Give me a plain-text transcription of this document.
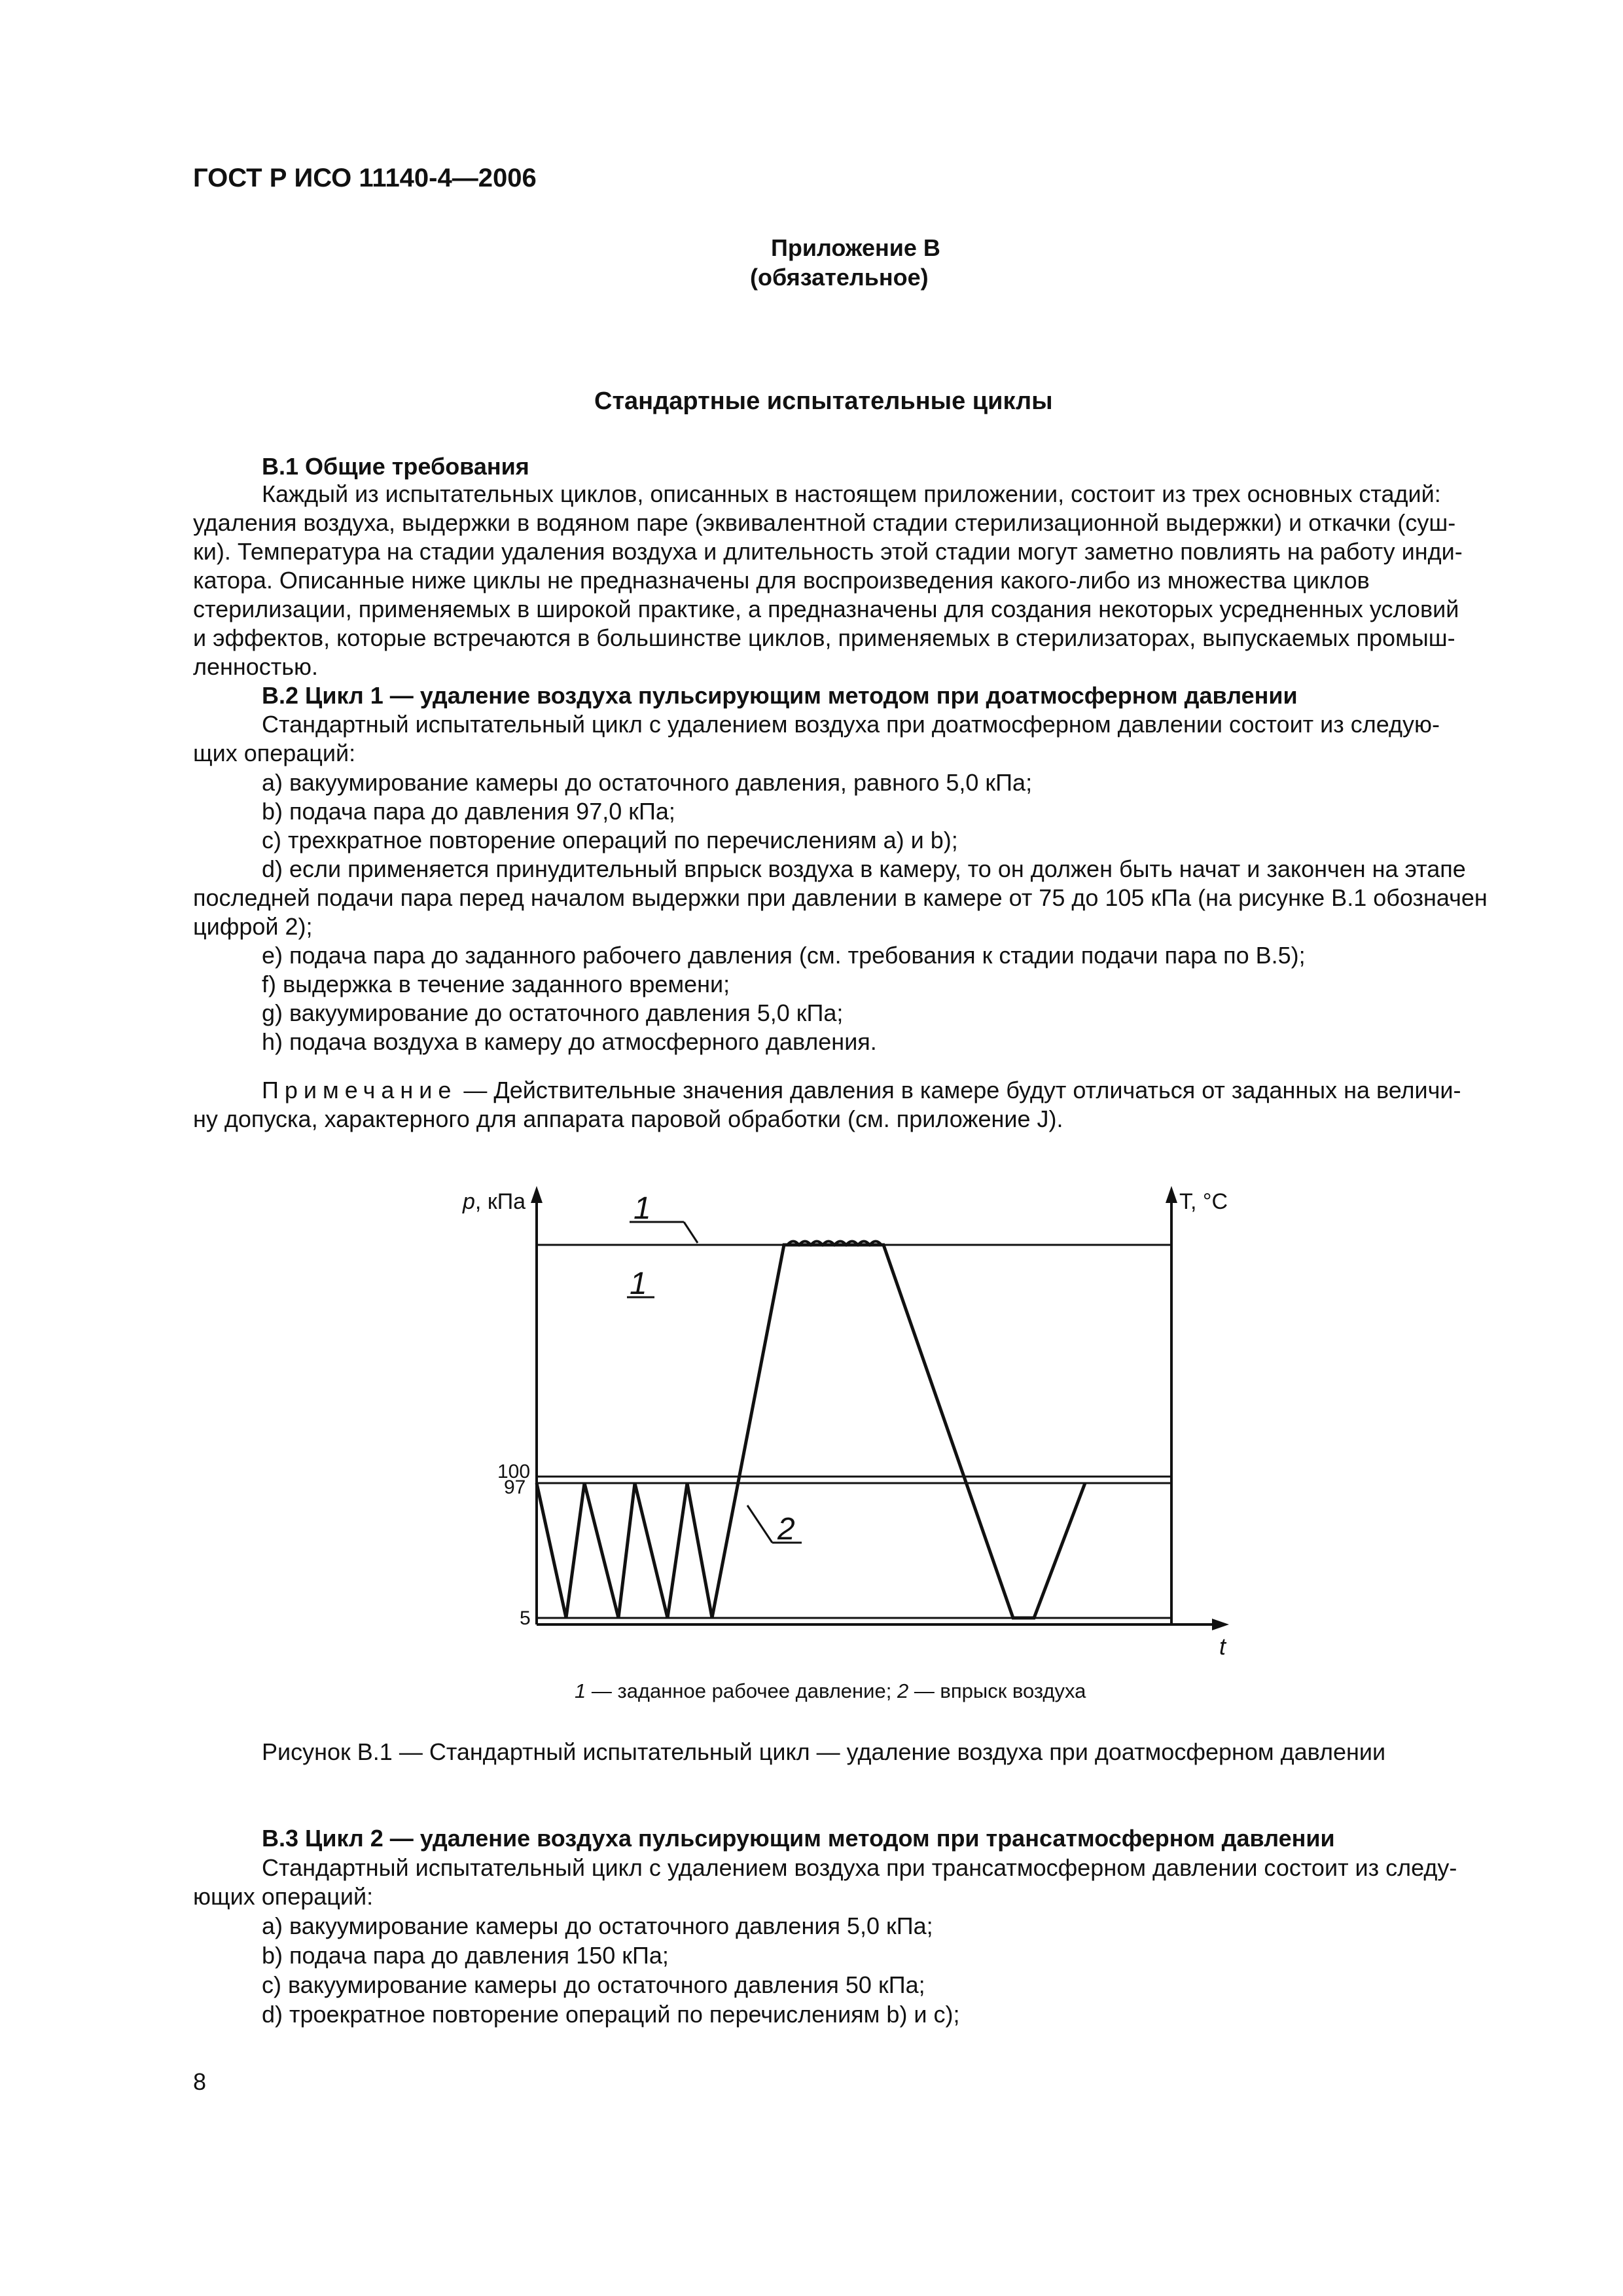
ГОСТ Р ИСО 11140-4—2006
Приложение В
(обязательное)
Стандартные испытательные циклы
B.1 Общие требования
Каждый из испытательных циклов, описанных в настоящем приложении, состоит из трех основных стадий:
удаления воздуха, выдержки в водяном паре (эквивалентной стадии стерилизационной выдержки) и откачки (суш-
ки). Температура на стадии удаления воздуха и длительность этой стадии могут заметно повлиять на работу инди-
катора. Описанные ниже циклы не предназначены для воспроизведения какого-либо из множества циклов
стерилизации, применяемых в широкой практике, а предназначены для создания некоторых усредненных условий
и эффектов, которые встречаются в большинстве циклов, применяемых в стерилизаторах, выпускаемых промыш-
ленностью.
B.2 Цикл 1 — удаление воздуха пульсирующим методом при доатмосферном давлении
Стандартный испытательный цикл с удалением воздуха при доатмосферном давлении состоит из следую-
щих операций:
a) вакуумирование камеры до остаточного давления, равного 5,0 кПа;
b) подача пара до давления 97,0 кПа;
c) трехкратное повторение операций по перечислениям a) и b);
d) если применяется принудительный впрыск воздуха в камеру, то он должен быть начат и закончен на этапе
последней подачи пара перед началом выдержки при давлении в камере от 75 до 105 кПа (на рисунке В.1 обозначен
цифрой 2);
e) подача пара до заданного рабочего давления (см. требования к стадии подачи пара по В.5);
f) выдержка в течение заданного времени;
g) вакуумирование до остаточного давления 5,0 кПа;
h) подача воздуха в камеру до атмосферного давления.
Примечание — Действительные значения давления в камере будут отличаться от заданных на величи-
ну допуска, характерного для аппарата паровой обработки (см. приложение J).
p, кПа	T, °C
t
100
97
5
1
1
2
1 — заданное рабочее давление; 2 — впрыск воздуха
Рисунок В.1 — Стандартный испытательный цикл — удаление воздуха при доатмосферном давлении
B.3 Цикл 2 — удаление воздуха пульсирующим методом при трансатмосферном давлении
Стандартный испытательный цикл с удалением воздуха при трансатмосферном давлении состоит из следу-
ющих операций:
a) вакуумирование камеры до остаточного давления 5,0 кПа;
b) подача пара до давления 150 кПа;
c) вакуумирование камеры до остаточного давления 50 кПа;
d) троекратное повторение операций по перечислениям b) и c);
8
